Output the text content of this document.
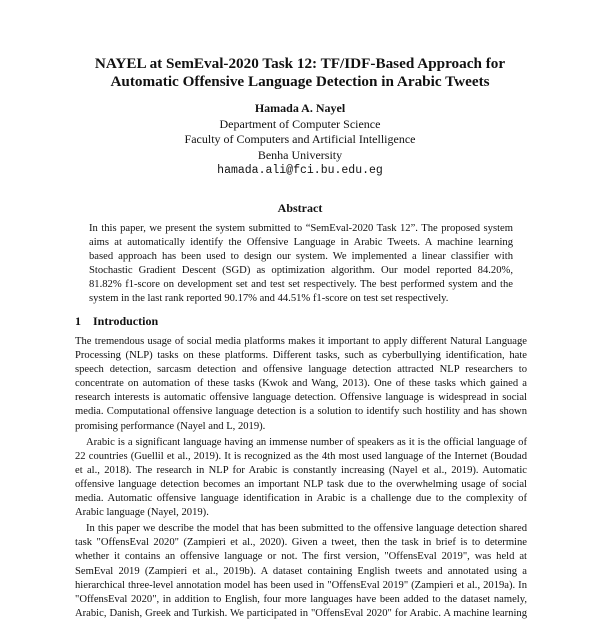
NAYEL at SemEval-2020 Task 12: TF/IDF-Based Approach for
Automatic Offensive Language Detection in Arabic Tweets
Hamada A. Nayel
Department of Computer Science
Faculty of Computers and Artificial Intelligence
Benha University
hamada.ali@fci.bu.edu.eg
Abstract
In this paper, we present the system submitted to “SemEval-2020 Task 12”. The proposed system
aims at automatically identify the Offensive Language in Arabic Tweets. A machine learning
based approach has been used to design our system. We implemented a linear classifier with
Stochastic Gradient Descent (SGD) as optimization algorithm. Our model reported 84.20%,
81.82% f1-score on development set and test set respectively. The best performed system and the
system in the last rank reported 90.17% and 44.51% f1-score on test set respectively.
1 Introduction
The tremendous usage of social media platforms makes it important to apply different Natural Language
Processing (NLP) tasks on these platforms. Different tasks, such as cyberbullying identification, hate
speech detection, sarcasm detection and offensive language detection attracted NLP researchers to
concentrate on automation of these tasks (Kwok and Wang, 2013). One of these tasks which gained a
research interests is automatic offensive language detection. Offensive language is widespread in social
media. Computational offensive language detection is a solution to identify such hostility and has shown
promising performance (Nayel and L, 2019).
Arabic is a significant language having an immense number of speakers as it is the official language of
22 countries (Guellil et al., 2019). It is recognized as the 4th most used language of the Internet (Boudad
et al., 2018). The research in NLP for Arabic is constantly increasing (Nayel et al., 2019). Automatic
offensive language detection becomes an important NLP task due to the overwhelming usage of social
media. Automatic offensive language identification in Arabic is a challenge due to the complexity of
Arabic language (Nayel, 2019).
In this paper we describe the model that has been submitted to the offensive language detection shared
task "OffensEval 2020" (Zampieri et al., 2020). Given a tweet, then the task in brief is to determine
whether it contains an offensive language or not. The first version, "OffensEval 2019", was held at
SemEval 2019 (Zampieri et al., 2019b). A dataset containing English tweets and annotated using a
hierarchical three-level annotation model has been used in "OffensEval 2019" (Zampieri et al., 2019a). In
"OffensEval 2020", in addition to English, four more languages have been added to the dataset namely,
Arabic, Danish, Greek and Turkish. We participated in "OffensEval 2020" for Arabic. A machine learning
